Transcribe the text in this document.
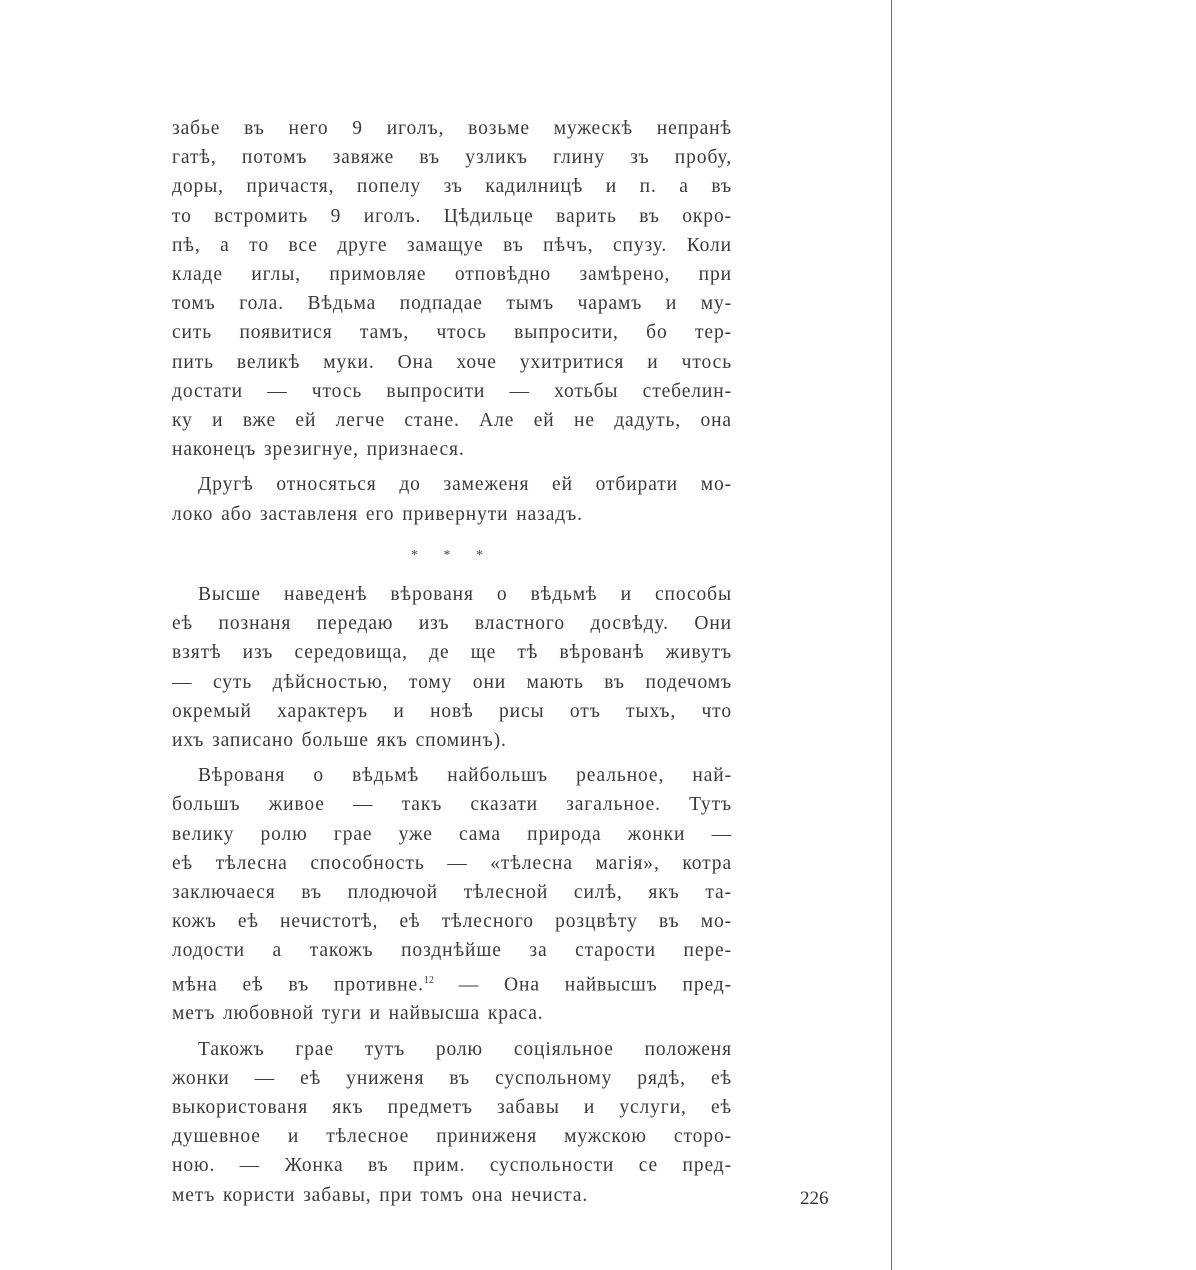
забье въ него 9 иголъ, возьме мужескѣ непранѣ
гатѣ, потомъ завяже въ узликъ глину зъ пробу,
доры, причастя, попелу зъ кадилницѣ и п. а въ
то встромить 9 иголъ. Цѣдильце варить въ окро-
пѣ, а то все друге замащуе въ пѣчъ, спузу. Коли
кладе иглы, примовляе отповѣдно замѣрено, при
томъ гола. Вѣдьма подпадае тымъ чарамъ и му-
сить появитися тамъ, чтось выпросити, бо тер-
пить великѣ муки. Она хоче ухитритися и чтось
достати — чтось выпросити — хотьбы стебелин-
ку и вже ей легче стане. Але ей не дадуть, она
наконецъ зрезигнуе, признаеся.
Другѣ относяться до замеженя ей отбирати мо-
локо або заставленя его привернути назадъ.
* * *
Высше наведенѣ вѣрованя о вѣдьмѣ и способы
еѣ познаня передаю изъ властного досвѣду. Они
взятѣ изъ середовища, де ще тѣ вѣрованѣ живутъ
— суть дѣйсностью, тому они мають въ подечомъ
окремый характеръ и новѣ рисы отъ тыхъ, что
ихъ записано больше якъ споминъ).
Вѣрованя о вѣдьмѣ найбольшъ реальное, най-
большъ живое — такъ сказати загальное. Тутъ
велику ролю грае уже сама природа жонки —
еѣ тѣлесна способность — «тѣлесна магія», котра
заключаеся въ плодючой тѣлесной силѣ, якъ та-
кожъ еѣ нечистотѣ, еѣ тѣлесного розцвѣту въ мо-
лодости а такожъ позднѣйше за старости пере-
мѣна еѣ въ противне.$^{12}$ — Она найвысшъ пред-
метъ любовной туги и найвысша краса.
Такожъ грае тутъ ролю соціяльное положеня
жонки — еѣ униженя въ суспольному рядѣ, еѣ
выкористованя якъ предметъ забавы и услуги, еѣ
душевное и тѣлесное приниженя мужскою сторо-
ною. — Жонка въ прим. суспольности се пред-
метъ користи забавы, при томъ она нечиста.	226
